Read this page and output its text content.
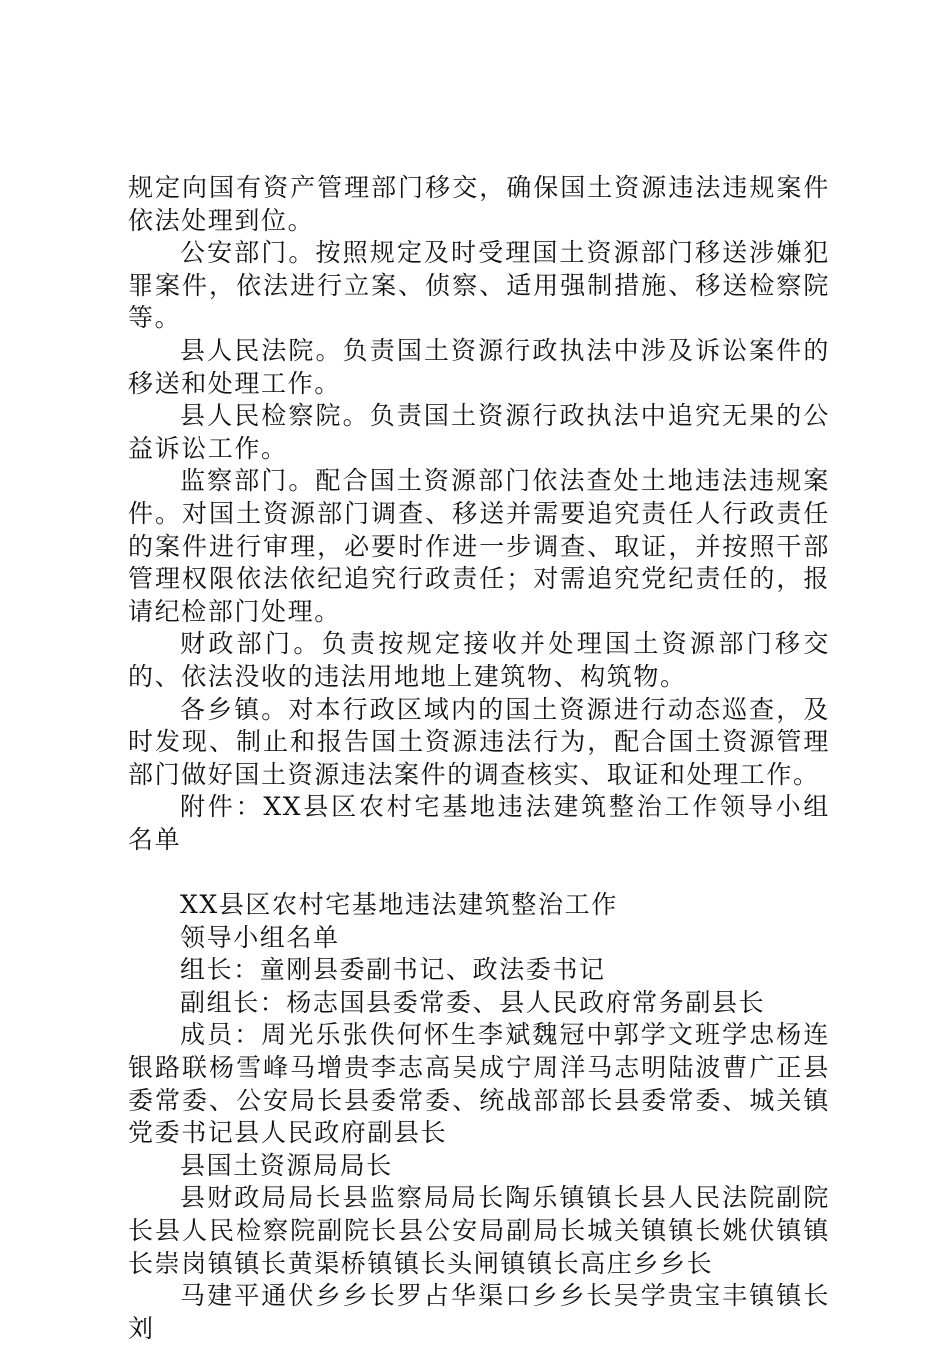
规定向国有资产管理部门移交，确保国土资源违法违规案件依法处理到位。

公安部门。按照规定及时受理国土资源部门移送涉嫌犯罪案件，依法进行立案、侦察、适用强制措施、移送检察院等。

县人民法院。负责国土资源行政执法中涉及诉讼案件的移送和处理工作。

县人民检察院。负责国土资源行政执法中追究无果的公益诉讼工作。

监察部门。配合国土资源部门依法查处土地违法违规案件。对国土资源部门调查、移送并需要追究责任人行政责任的案件进行审理，必要时作进一步调查、取证，并按照干部管理权限依法依纪追究行政责任；对需追究党纪责任的，报请纪检部门处理。

财政部门。负责按规定接收并处理国土资源部门移交的、依法没收的违法用地地上建筑物、构筑物。

各乡镇。对本行政区域内的国土资源进行动态巡查，及时发现、制止和报告国土资源违法行为，配合国土资源管理部门做好国土资源违法案件的调查核实、取证和处理工作。

附件：XX县区农村宅基地违法建筑整治工作领导小组名单

XX县区农村宅基地违法建筑整治工作

领导小组名单

组长：童刚县委副书记、政法委书记

副组长：杨志国县委常委、县人民政府常务副县长

成员：周光乐张佚何怀生李斌魏冠中郭学文班学忠杨连银路联杨雪峰马增贵李志高吴成宁周洋马志明陆波曹广正县委常委、公安局长县委常委、统战部部长县委常委、城关镇党委书记县人民政府副县长

县国土资源局局长

县财政局局长县监察局局长陶乐镇镇长县人民法院副院长县人民检察院副院长县公安局副局长城关镇镇长姚伏镇镇长崇岗镇镇长黄渠桥镇镇长头闸镇镇长高庄乡乡长

马建平通伏乡乡长罗占华渠口乡乡长吴学贵宝丰镇镇长刘
